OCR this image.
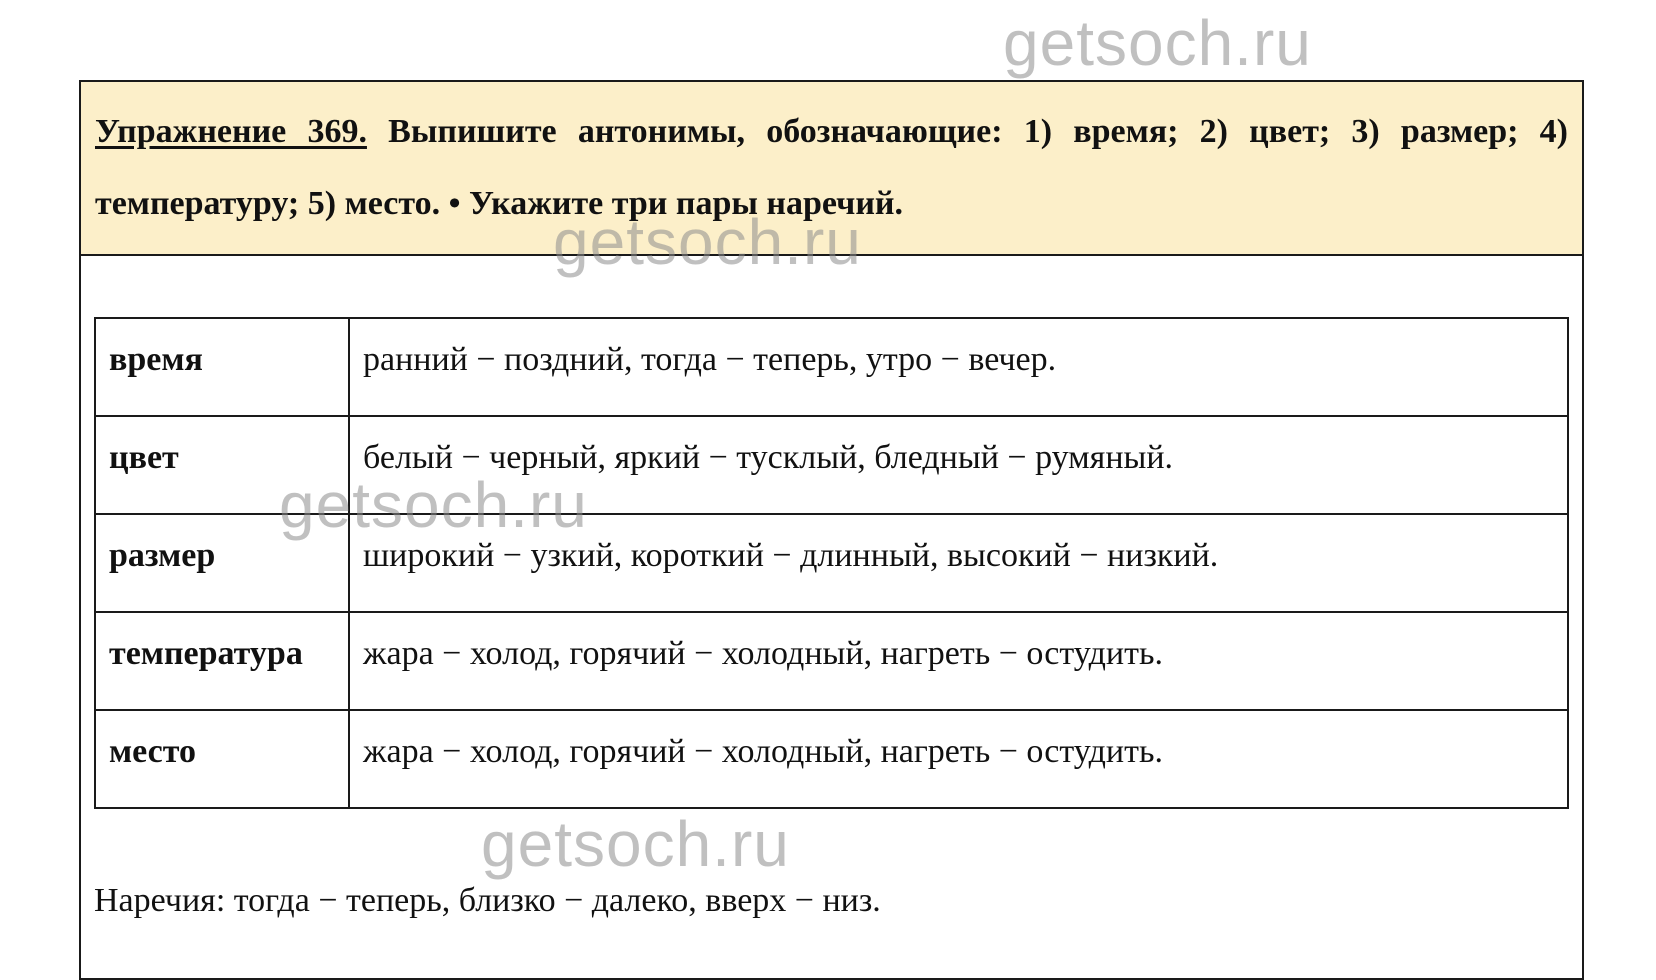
getsoch.ru
Упражнение 369. Выпишите антонимы, обозначающие: 1) время; 2) цвет; 3) размер; 4) температуру; 5) место. • Укажите три пары наречий.
время	ранний − поздний, тогда − теперь, утро − вечер.
цвет	белый − черный, яркий − тусклый, бледный − румяный.
размер	широкий − узкий, короткий − длинный, высокий − низкий.
температура	жара − холод, горячий − холодный, нагреть − остудить.
место	жара − холод, горячий − холодный, нагреть − остудить.
Наречия: тогда − теперь, близко − далеко, вверх − низ.
getsoch.ru
getsoch.ru
getsoch.ru
